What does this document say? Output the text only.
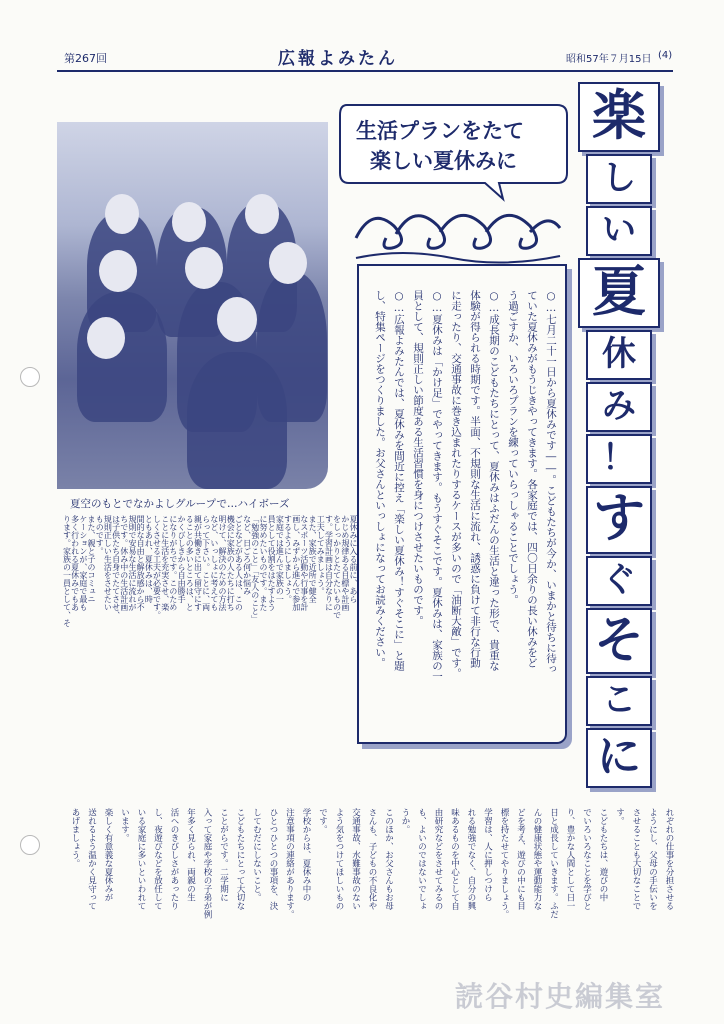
第267回	広報よみたん	昭和57年７月15日 (4)
夏空のもとでなかよしグループで…ハイボーズ
生活プランをたて
楽しい夏休みに
○…七月二十一日から夏休みです――。こどもたちが今か、いまかと待ちに待っ
ていた夏休みがもうじきやってきます。各家庭では、四〇日余りの長い休みをど
う過ごすか、いろいろプランを練っていらっしゃることでしょう。
○…成長期のこどもたちにとって、夏休みはふだんの生活と違った形で、貴重な
体験が得られる時期です。半面、不規則な生活に流れ、誘惑に負けて非行な行動
に走ったり、交通事故に巻き込まれたりするケースが多いので「油断大敵」です。
○…夏休みは「かけ足」でやってきます。もうすぐそこです。夏休みは、家族の一
員として、規則正しい節度ある生活習慣を身につけさせたいものです。
○…広報よみたんでは、夏休みを間近に控え「楽しい夏休み！すぐそこに」と題
し、特集ページをつくりました。お父さんといっしょになってお読みください。
楽
し
い
夏
休
み
！
す
ぐ
そ
こ
に
夏休みに入る前に、あら
かじめ規律ある目標や計画
をしっかりとたてたいもので
す。学習計画は自分なりに
工夫してみましょう。
また、家族で近所で健全
なスポーツ活動や行事を計
画し、みずから進んで参加
するようにしましょう。
家庭では進んで家族の一
員として役割をはたすよう
に努めたいものです。また
「勉強のこと」「友人のこと」
など、日ごろ何か悩み
ごとなどがある人は、この
機会に家族の人たちに打ち
明けて、解決のための方法
など、いっしょに考えても
らって下さい。ことに、両
親が共働きに出て留守にす
ることの多いところは、と
かくびしきから自由勝手
になりがちです。このため
ことに生活を充実させ、楽
しくさせる工夫が必要です。
ともあれ、夏休みは、時
間的な自由と解放感から不
規則で安易な生活に流れが
ちです。休み中の生活計画
は子供たち自身でたてさせ、
規則正しい生活をさせたい
ものです。
また、親と子のコミュニ
ケーションが、家庭で最も
多く行われる夏休みでもあ
ります。家族の一員として、そ
れぞれの仕事を分担させる
ようにし、父母の手伝いを
させることも大切なことで
す。
こどもたちは、遊びの中
でいろいろなことを学びと
り、豊かな人間として日一
日と成長していきます。ふだ
んの健康状態や運動能力な
どを考え、遊びの中にも目
標を持たせてやりましょう。
学習は、人に押しつけら
れる勉強でなく、自分の興
味あるものを中心として自
由研究などをさせてみるの
も、よいのではないでしょ
うか。
このほか、お父さんもお母
さんも、子どもの不良化や
交通事故、水難事故のない
よう気をつけてほしいもの
です。
学校からは、夏休み中の
注意事項の連絡があります。
ひとつひとつの事項を、決
してむだにしないこと。
こどもたちにとって大切な
ことがらです。二学期に
入って家庭や学校の子弟が例
年多く見られ、両親の生
活へのきびしさがあったり
し、夜遊びなどを放任して
いる家庭に多いといわれて
います。
楽しく有意義な夏休みが
送れるよう温かく見守って
あげましょう。
読谷村史編集室
